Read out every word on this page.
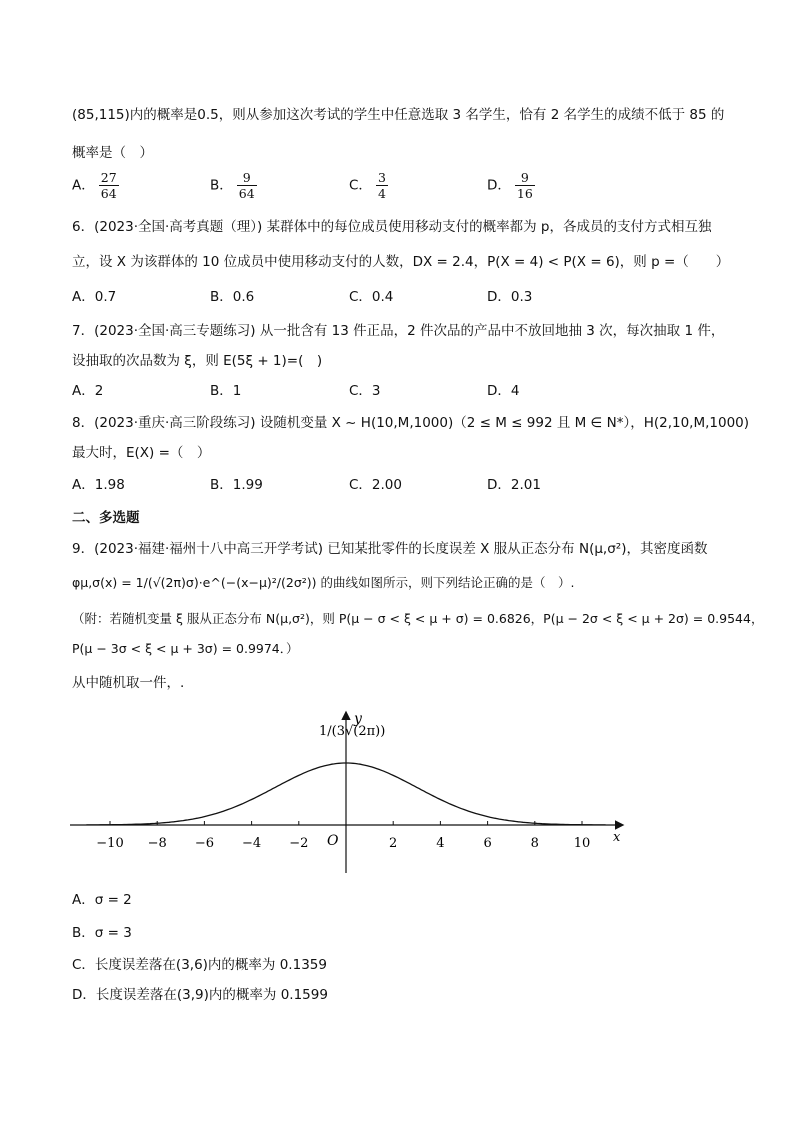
(85,115)内的概率是0.5，则从参加这次考试的学生中任意选取 3 名学生，恰有 2 名学生的成绩不低于 85 的
概率是（　）
A． $\frac{27}{64}$	B． $\frac{9}{64}$	C． $\frac{3}{4}$	D． $\frac{9}{16}$
6．(2023·全国·高考真题（理）) 某群体中的每位成员使用移动支付的概率都为 p，各成员的支付方式相互独
立，设 X 为该群体的 10 位成员中使用移动支付的人数，DX = 2.4，P(X = 4) < P(X = 6)，则 p =（　　）
A．0.7	B．0.6	C．0.4	D．0.3
7．(2023·全国·高三专题练习) 从一批含有 13 件正品，2 件次品的产品中不放回地抽 3 次，每次抽取 1 件，
设抽取的次品数为 ξ，则 E(5ξ + 1)=(　)
A．2	B．1	C．3	D．4
8．(2023·重庆·高三阶段练习) 设随机变量 X ~ H(10,M,1000)（2 ≤ M ≤ 992 且 M ∈ N*），H(2,10,M,1000)
最大时，E(X) =（　）
A．1.98	B．1.99	C．2.00	D．2.01
二、多选题
9．(2023·福建·福州十八中高三开学考试) 已知某批零件的长度误差 X 服从正态分布 N(μ,σ²)，其密度函数
φμ,σ(x) = 1/(√(2π)σ)·e^(−(x−μ)²/(2σ²)) 的曲线如图所示，则下列结论正确的是（　）.
（附：若随机变量 ξ 服从正态分布 N(μ,σ²)，则 P(μ − σ < ξ < μ + σ) = 0.6826，P(μ − 2σ < ξ < μ + 2σ) = 0.9544，
P(μ − 3σ < ξ < μ + 3σ) = 0.9974．）
从中随机取一件，.
−10 −8 −6 −4 −2	2	4	6	8	10
y
x
O
1/(3√(2π))
A．σ = 2
B．σ = 3
C．长度误差落在(3,6)内的概率为 0.1359
D．长度误差落在(3,9)内的概率为 0.1599
